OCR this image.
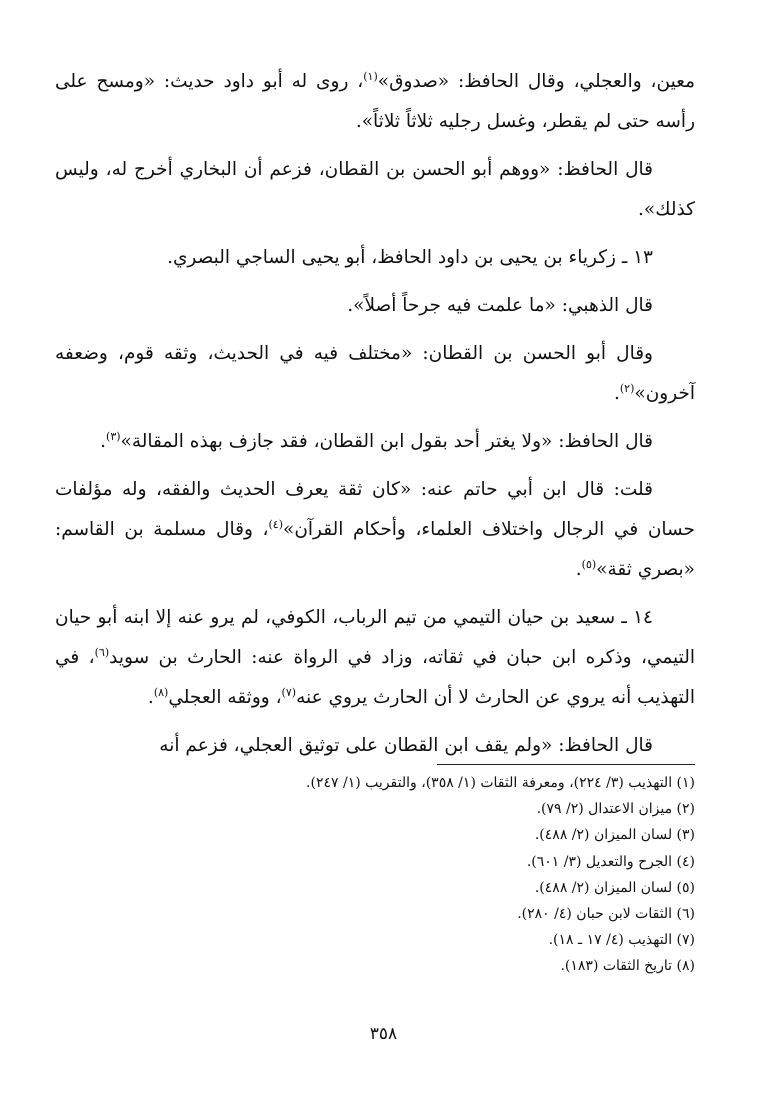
معين، والعجلي، وقال الحافظ: «صدوق»$^{(١)}$، روى له أبو داود حديث: «ومسح على رأسه حتى لم يقطر، وغسل رجليه ثلاثاً ثلاثاً».

قال الحافظ: «ووهم أبو الحسن بن القطان، فزعم أن البخاري أخرج له، وليس كذلك».

١٣ ـ زكرياء بن يحيى بن داود الحافظ، أبو يحيى الساجي البصري.

قال الذهبي: «ما علمت فيه جرحاً أصلاً».

وقال أبو الحسن بن القطان: «مختلف فيه في الحديث، وثقه قوم، وضعفه آخرون»$^{(٢)}$.

قال الحافظ: «ولا يغتر أحد بقول ابن القطان، فقد جازف بهذه المقالة»$^{(٣)}$.

قلت: قال ابن أبي حاتم عنه: «كان ثقة يعرف الحديث والفقه، وله مؤلفات حسان في الرجال واختلاف العلماء، وأحكام القرآن»$^{(٤)}$، وقال مسلمة بن القاسم: «بصري ثقة»$^{(٥)}$.

١٤ ـ سعيد بن حيان التيمي من تيم الرباب، الكوفي، لم يرو عنه إلا ابنه أبو حيان التيمي، وذكره ابن حبان في ثقاته، وزاد في الرواة عنه: الحارث بن سويد$^{(٦)}$، في التهذيب أنه يروي عن الحارث لا أن الحارث يروي عنه$^{(٧)}$، ووثقه العجلي$^{(٨)}$.

قال الحافظ: «ولم يقف ابن القطان على توثيق العجلي، فزعم أنه

(١) التهذيب (٣/ ٢٢٤)، ومعرفة الثقات (١/ ٣٥٨)، والتقريب (١/ ٢٤٧).
(٢) ميزان الاعتدال (٢/ ٧٩).
(٣) لسان الميزان (٢/ ٤٨٨).
(٤) الجرح والتعديل (٣/ ٦٠١).
(٥) لسان الميزان (٢/ ٤٨٨).
(٦) الثقات لابن حبان (٤/ ٢٨٠).
(٧) التهذيب (٤/ ١٧ ـ ١٨).
(٨) تاريخ الثقات (١٨٣).
٣٥٨
